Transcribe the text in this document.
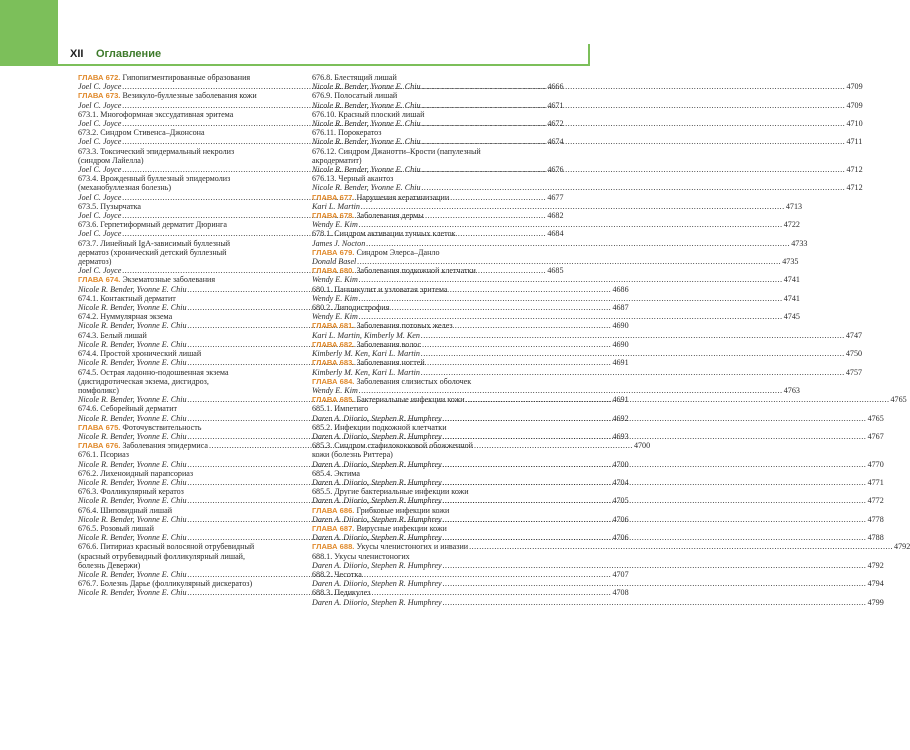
XII Оглавление
ГЛАВА 672. Гипопигментированные образования
Joel C. Joyce .....	4666
ГЛАВА 673. Везикуло-буллезные заболевания кожи
Joel C. Joyce .....	4671
673.1. Многоформная экссудативная эритема
Joel C. Joyce .....	4672
673.2. Синдром Стивенса–Джонсона
Joel C. Joyce .....	4674
673.3. Токсический эпидермальный некролиз
(синдром Лайелла)
Joel C. Joyce .....	4676
673.4. Врожденный буллезный эпидермолиз
(механобуллезная болезнь)
Joel C. Joyce .....	4677
673.5. Пузырчатка
Joel C. Joyce .....	4682
673.6. Герпетиформный дерматит Дюринга
Joel C. Joyce .....	4684
673.7. Линейный IgA-зависимый буллезный
дерматоз (хронический детский буллезный
дерматоз)
Joel C. Joyce .....	4685
ГЛАВА 674. Экзематозные заболевания
Nicole R. Bender, Yvonne E. Chiu .....	4686
674.1. Контактный дерматит
Nicole R. Bender, Yvonne E. Chiu .....	4687
674.2. Нуммулярная экзема
Nicole R. Bender, Yvonne E. Chiu .....	4690
674.3. Белый лишай
Nicole R. Bender, Yvonne E. Chiu .....	4690
674.4. Простой хронический лишай
Nicole R. Bender, Yvonne E. Chiu .....	4691
674.5. Острая ладонно-подошвенная экзема
(дисгидротическая экзема, дисгидроз,
помфоликс)
Nicole R. Bender, Yvonne E. Chiu .....	4691
674.6. Себорейный дерматит
Nicole R. Bender, Yvonne E. Chiu .....	4692
ГЛАВА 675. Фоточувствительность
Nicole R. Bender, Yvonne E. Chiu .....	4693
ГЛАВА 676. Заболевания эпидермиса .....	4700
676.1. Псориаз
Nicole R. Bender, Yvonne E. Chiu .....	4700
676.2. Лихеноидный парапсориаз
Nicole R. Bender, Yvonne E. Chiu .....	4704
676.3. Фолликулярный кератоз
Nicole R. Bender, Yvonne E. Chiu .....	4705
676.4. Шиповидный лишай
Nicole R. Bender, Yvonne E. Chiu .....	4706
676.5. Розовый лишай
Nicole R. Bender, Yvonne E. Chiu .....	4706
676.6. Питириаз красный волосяной отрубевидный
(красный отрубевидный фолликулярный лишай,
болезнь Девержи)
Nicole R. Bender, Yvonne E. Chiu .....	4707
676.7. Болезнь Дарье (фолликулярный дискератоз)
Nicole R. Bender, Yvonne E. Chiu .....	4708
676.8. Блестящий лишай
Nicole R. Bender, Yvonne E. Chiu .....	4709
676.9. Полосатый лишай
Nicole R. Bender, Yvonne E. Chiu .....	4709
676.10. Красный плоский лишай
Nicole R. Bender, Yvonne E. Chiu .....	4710
676.11. Порокератоз
Nicole R. Bender, Yvonne E. Chiu .....	4711
676.12. Синдром Джанотти–Крости (папулезный
акродерматит)
Nicole R. Bender, Yvonne E. Chiu .....	4712
676.13. Черный акантоз
Nicole R. Bender, Yvonne E. Chiu .....	4712
ГЛАВА 677. Нарушения кератинизации
Kari L. Martin .....	4713
ГЛАВА 678. Заболевания дермы
Wendy E. Kim .....	4722
678.1. Синдром активации тучных клеток
James J. Nocton .....	4733
ГЛАВА 679. Синдром Элерса–Данло
Donald Basel .....	4735
ГЛАВА 680. Заболевания подкожной клетчатки
Wendy E. Kim .....	4741
680.1. Панникулит и узловатая эритема
Wendy E. Kim .....	4741
680.2. Липодистрофия
Wendy E. Kim .....	4745
ГЛАВА 681. Заболевания потовых желез
Kari L. Martin, Kimberly M. Ken .....	4747
ГЛАВА 682. Заболевания волос
Kimberly M. Ken, Kari L. Martin .....	4750
ГЛАВА 683. Заболевания ногтей
Kimberly M. Ken, Kari L. Martin .....	4757
ГЛАВА 684. Заболевания слизистых оболочек
Wendy E. Kim .....	4763
ГЛАВА 685. Бактериальные инфекции кожи .....	4765
685.1. Импетиго
Daren A. Diiorio, Stephen R. Humphrey .....	4765
685.2. Инфекции подкожной клетчатки
Daren A. Diiorio, Stephen R. Humphrey .....	4767
685.3. Синдром стафилококковой обожженной
кожи (болезнь Риттера)
Daren A. Diiorio, Stephen R. Humphrey .....	4770
685.4. Эктима
Daren A. Diiorio, Stephen R. Humphrey .....	4771
685.5. Другие бактериальные инфекции кожи
Daren A. Diiorio, Stephen R. Humphrey .....	4772
ГЛАВА 686. Грибковые инфекции кожи
Daren A. Diiorio, Stephen R. Humphrey .....	4778
ГЛАВА 687. Вирусные инфекции кожи
Daren A. Diiorio, Stephen R. Humphrey .....	4788
ГЛАВА 688. Укусы членистоногих и инвазии .....	4792
688.1. Укусы членистоногих
Daren A. Diiorio, Stephen R. Humphrey .....	4792
688.2. Чесотка
Daren A. Diiorio, Stephen R. Humphrey .....	4794
688.3. Педикулез
Daren A. Diiorio, Stephen R. Humphrey .....	4799
